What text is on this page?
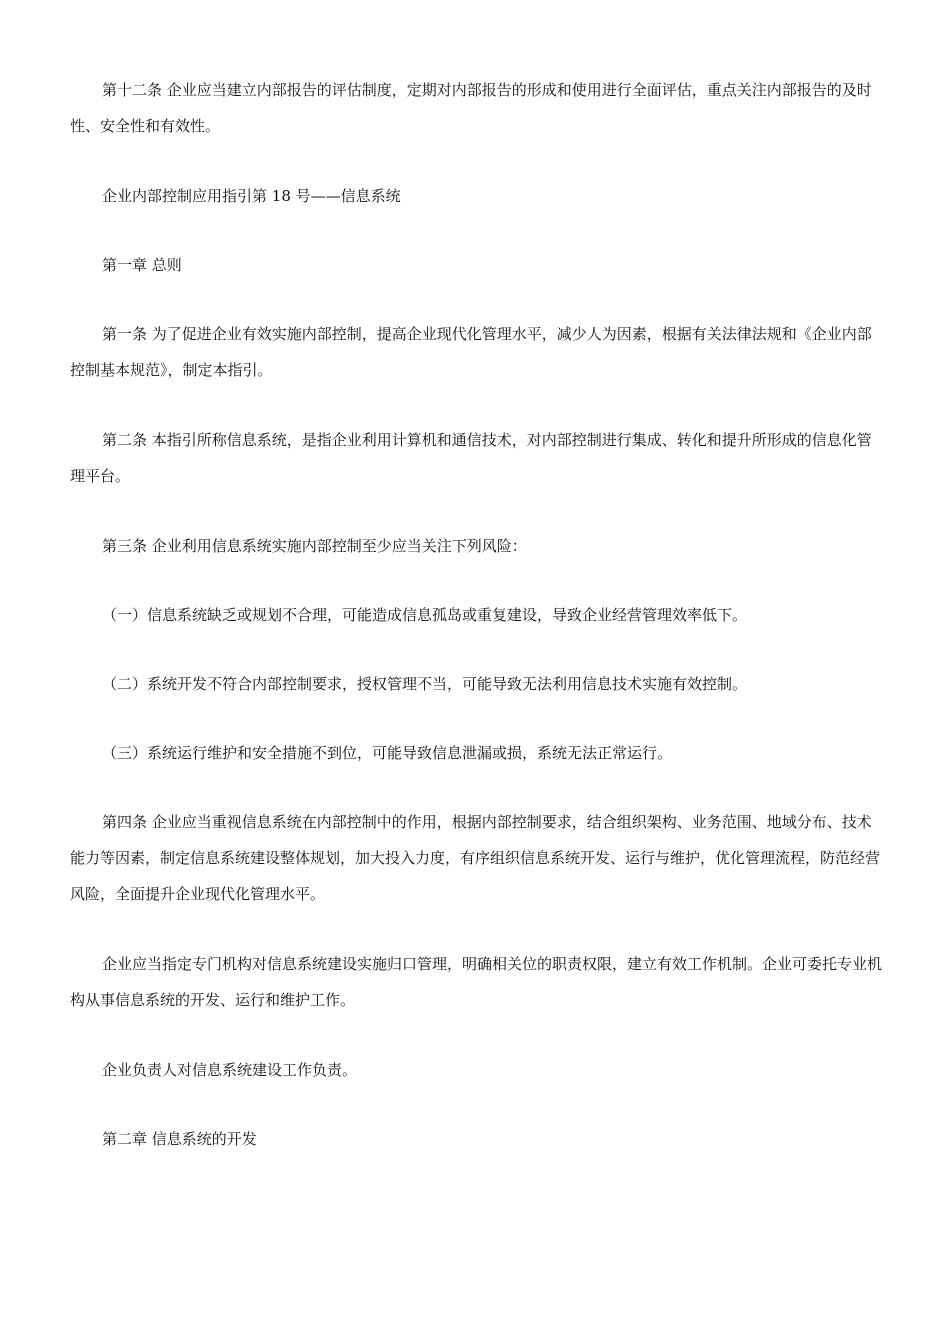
第十二条 企业应当建立内部报告的评估制度，定期对内部报告的形成和使用进行全面评估，重点关注内部报告的及时性、安全性和有效性。

企业内部控制应用指引第 18 号——信息系统

第一章 总则

第一条 为了促进企业有效实施内部控制，提高企业现代化管理水平，减少人为因素，根据有关法律法规和《企业内部控制基本规范》，制定本指引。

第二条 本指引所称信息系统，是指企业利用计算机和通信技术，对内部控制进行集成、转化和提升所形成的信息化管理平台。

第三条 企业利用信息系统实施内部控制至少应当关注下列风险：

（一）信息系统缺乏或规划不合理，可能造成信息孤岛或重复建设，导致企业经营管理效率低下。

（二）系统开发不符合内部控制要求，授权管理不当，可能导致无法利用信息技术实施有效控制。

（三）系统运行维护和安全措施不到位，可能导致信息泄漏或损，系统无法正常运行。

第四条 企业应当重视信息系统在内部控制中的作用，根据内部控制要求，结合组织架构、业务范围、地域分布、技术能力等因素，制定信息系统建设整体规划，加大投入力度，有序组织信息系统开发、运行与维护，优化管理流程，防范经营风险，全面提升企业现代化管理水平。

企业应当指定专门机构对信息系统建设实施归口管理，明确相关位的职责权限，建立有效工作机制。企业可委托专业机构从事信息系统的开发、运行和维护工作。

企业负责人对信息系统建设工作负责。

第二章 信息系统的开发
